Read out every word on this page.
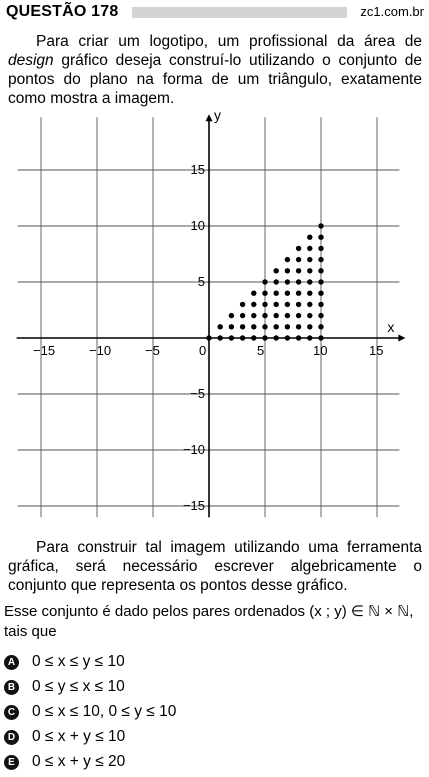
QUESTÃO 178	zc1.com.br

Para criar um logotipo, um profissional da área de design gráfico deseja construí-lo utilizando o conjunto de pontos do plano na forma de um triângulo, exatamente como mostra a imagem.

x
y
−15	−10	−5	0	5	10	15
−15
−10
−5
5
10
15

Para construir tal imagem utilizando uma ferramenta gráfica, será necessário escrever algebricamente o conjunto que representa os pontos desse gráfico.

Esse conjunto é dado pelos pares ordenados (x ; y) ∈ ℕ × ℕ, tais que

A 0 ≤ x ≤ y ≤ 10
B 0 ≤ y ≤ x ≤ 10
C 0 ≤ x ≤ 10, 0 ≤ y ≤ 10
D 0 ≤ x + y ≤ 10
E 0 ≤ x + y ≤ 20
